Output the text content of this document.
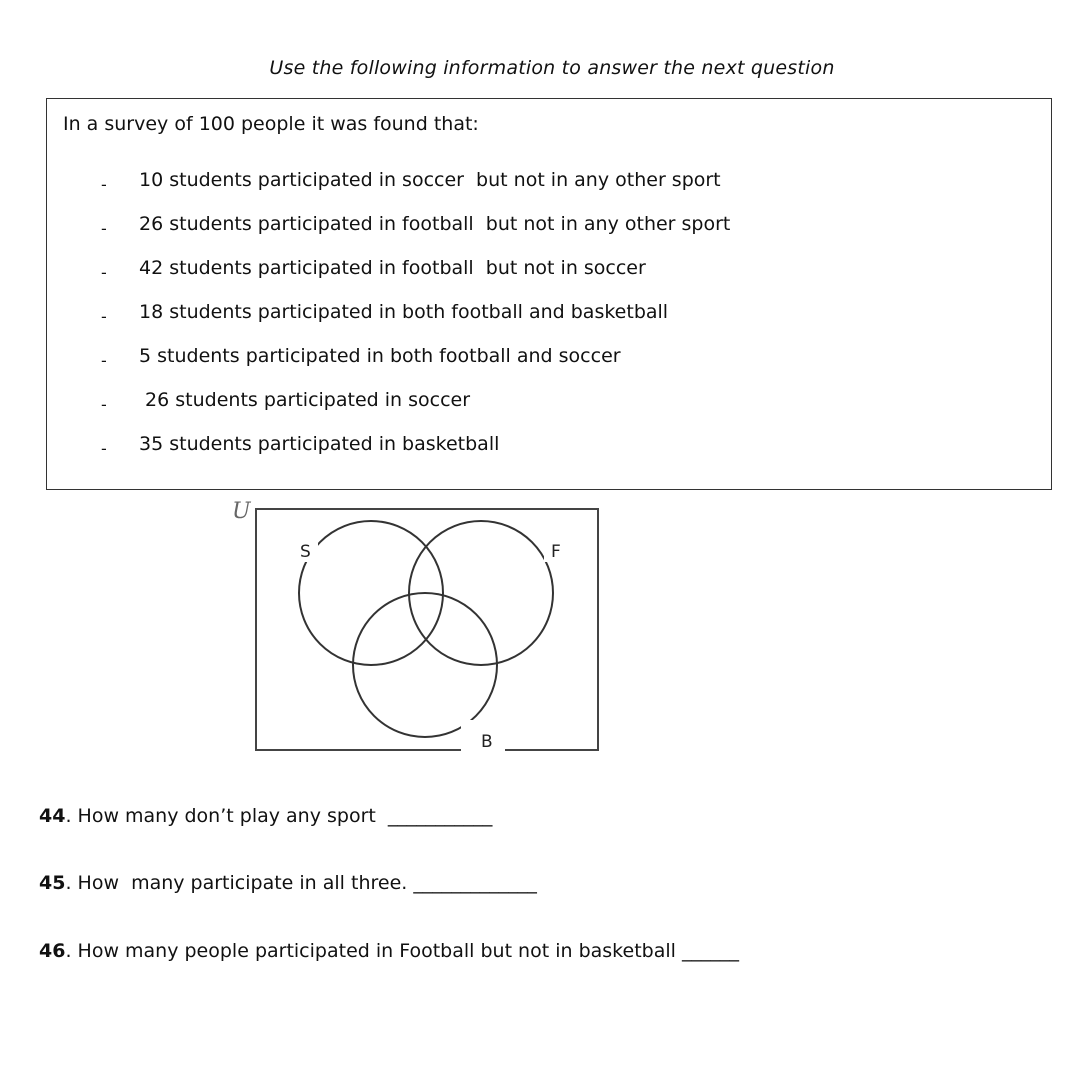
Use the following information to answer the next question
In a survey of 100 people it was found that:

-

10 students participated in soccer  but not in any other sport

-

26 students participated in football  but not in any other sport

-

42 students participated in football  but not in soccer

-

18 students participated in both football and basketball

-

5 students participated in both football and soccer

-

26 students participated in soccer

-

35 students participated in basketball

U
S	F
B
44. How many don’t play any sport  ___________
45. How  many participate in all three. _____________
46. How many people participated in Football but not in basketball ______
